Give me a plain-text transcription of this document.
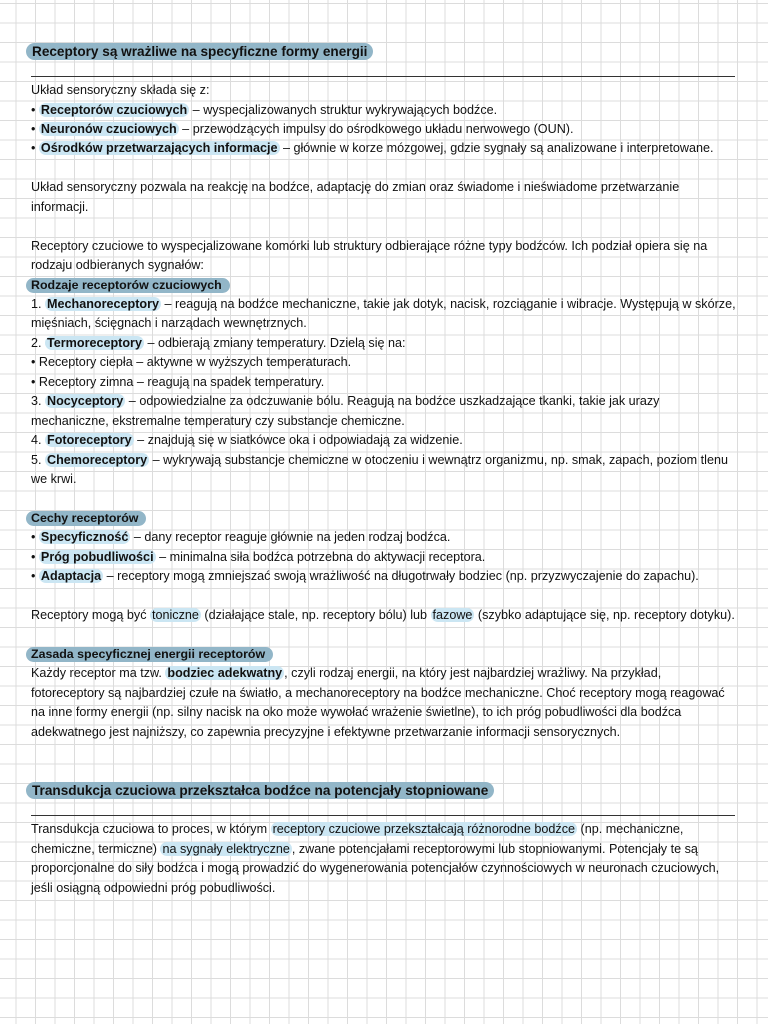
Receptory są wrażliwe na specyficzne formy energii
Układ sensoryczny składa się z:
• Receptorów czuciowych – wyspecjalizowanych struktur wykrywających bodźce.
• Neuronów czuciowych – przewodzących impulsy do ośrodkowego układu nerwowego (OUN).
• Ośrodków przetwarzających informacje – głównie w korze mózgowej, gdzie sygnały są analizowane i interpretowane.
Układ sensoryczny pozwala na reakcję na bodźce, adaptację do zmian oraz świadome i nieświadome przetwarzanie
informacji.
Receptory czuciowe to wyspecjalizowane komórki lub struktury odbierające różne typy bodźców. Ich podział opiera się na
rodzaju odbieranych sygnałów:
Rodzaje receptorów czuciowych
1. Mechanoreceptory – reagują na bodźce mechaniczne, takie jak dotyk, nacisk, rozciąganie i wibracje. Występują w skórze,
mięśniach, ścięgnach i narządach wewnętrznych.
2. Termoreceptory – odbierają zmiany temperatury. Dzielą się na:
• Receptory ciepła – aktywne w wyższych temperaturach.
• Receptory zimna – reagują na spadek temperatury.
3. Nocyceptory – odpowiedzialne za odczuwanie bólu. Reagują na bodźce uszkadzające tkanki, takie jak urazy
mechaniczne, ekstremalne temperatury czy substancje chemiczne.
4. Fotoreceptory – znajdują się w siatkówce oka i odpowiadają za widzenie.
5. Chemoreceptory – wykrywają substancje chemiczne w otoczeniu i wewnątrz organizmu, np. smak, zapach, poziom tlenu
we krwi.
Cechy receptorów
• Specyficzność – dany receptor reaguje głównie na jeden rodzaj bodźca.
• Próg pobudliwości – minimalna siła bodźca potrzebna do aktywacji receptora.
• Adaptacja – receptory mogą zmniejszać swoją wrażliwość na długotrwały bodziec (np. przyzwyczajenie do zapachu).
Receptory mogą być toniczne (działające stale, np. receptory bólu) lub fazowe (szybko adaptujące się, np. receptory dotyku).
Zasada specyficznej energii receptorów
Każdy receptor ma tzw. bodziec adekwatny , czyli rodzaj energii, na który jest najbardziej wrażliwy. Na przykład,
fotoreceptory są najbardziej czułe na światło, a mechanoreceptory na bodźce mechaniczne. Choć receptory mogą reagować
na inne formy energii (np. silny nacisk na oko może wywołać wrażenie świetlne), to ich próg pobudliwości dla bodźca
adekwatnego jest najniższy, co zapewnia precyzyjne i efektywne przetwarzanie informacji sensorycznych.
Transdukcja czuciowa przekształca bodźce na potencjały stopniowane
Transdukcja czuciowa to proces, w którym receptory czuciowe przekształcają różnorodne bodźce (np. mechaniczne,
chemiczne, termiczne) na sygnały elektryczne , zwane potencjałami receptorowymi lub stopniowanymi. Potencjały te są
proporcjonalne do siły bodźca i mogą prowadzić do wygenerowania potencjałów czynnościowych w neuronach czuciowych,
jeśli osiągną odpowiedni próg pobudliwości.
